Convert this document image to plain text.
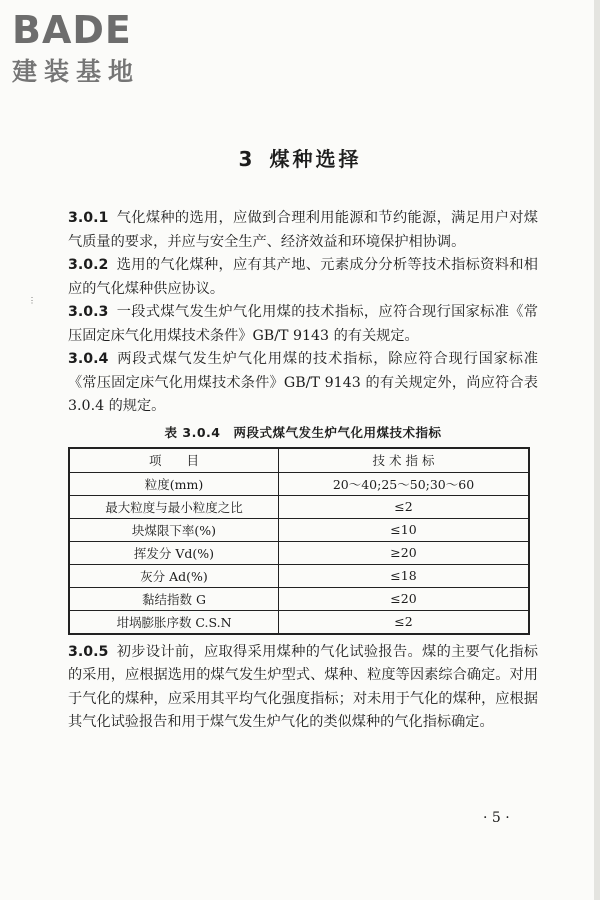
BADE
建装基地
⋮
3 煤种选择

3.0.1 气化煤种的选用，应做到合理利用能源和节约能源，满足用户对煤气质量的要求，并应与安全生产、经济效益和环境保护相协调。

3.0.2 选用的气化煤种，应有其产地、元素成分分析等技术指标资料和相应的气化煤种供应协议。

3.0.3 一段式煤气发生炉气化用煤的技术指标，应符合现行国家标准《常压固定床气化用煤技术条件》GB/T 9143 的有关规定。

3.0.4 两段式煤气发生炉气化用煤的技术指标，除应符合现行国家标准《常压固定床气化用煤技术条件》GB/T 9143 的有关规定外，尚应符合表 3.0.4 的规定。

表 3.0.4　两段式煤气发生炉气化用煤技术指标
项　　目	技 术 指 标
粒度(mm)	20～40;25～50;30～60
最大粒度与最小粒度之比	≤2
块煤限下率(%)	≤10
挥发分 Vd(%)	≥20
灰分 Ad(%)	≤18
黏结指数 G	≤20
坩埚膨胀序数 C.S.N	≤2

3.0.5 初步设计前，应取得采用煤种的气化试验报告。煤的主要气化指标的采用，应根据选用的煤气发生炉型式、煤种、粒度等因素综合确定。对用于气化的煤种，应采用其平均气化强度指标；对未用于气化的煤种，应根据其气化试验报告和用于煤气发生炉气化的类似煤种的气化指标确定。

· 5 ·
